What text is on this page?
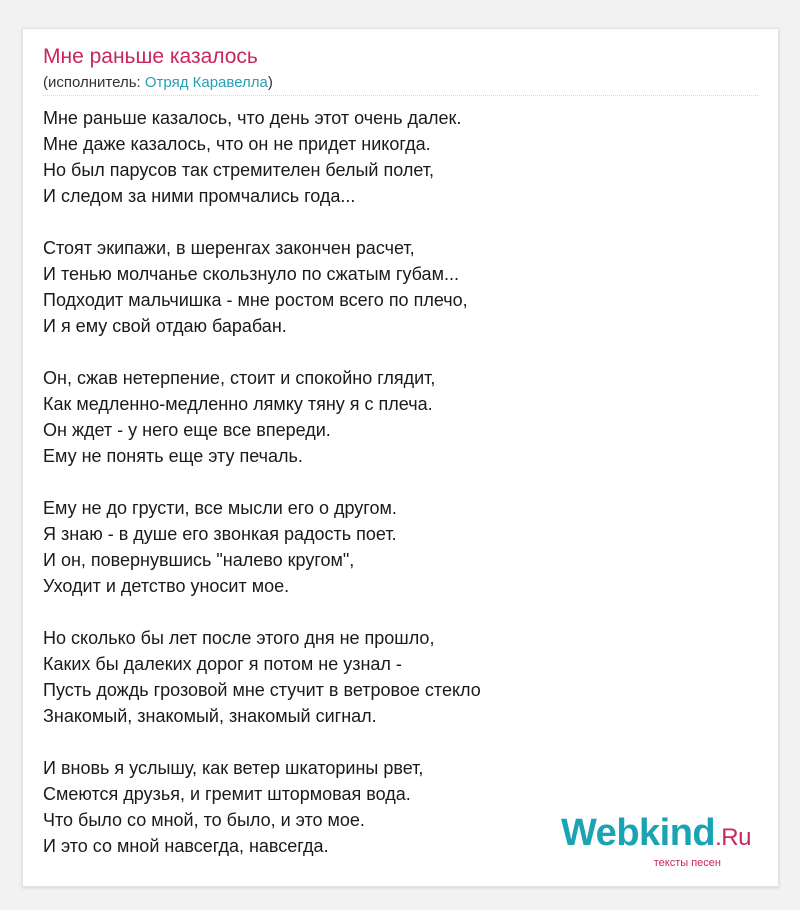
Мне раньше казалось
(исполнитель: Отряд Каравелла)
Мне раньше казалось, что день этот очень далек.
Мне даже казалось, что он не придет никогда.
Но был парусов так стремителен белый полет,
И следом за ними промчались года...
Стоят экипажи, в шеренгах закончен расчет,
И тенью молчанье скользнуло по сжатым губам...
Подходит мальчишка - мне ростом всего по плечо,
И я ему свой отдаю барабан.
Он, сжав нетерпение, стоит и спокойно глядит,
Как медленно-медленно лямку тяну я с плеча.
Он ждет - у него еще все впереди.
Ему не понять еще эту печаль.
Ему не до грусти, все мысли его о другом.
Я знаю - в душе его звонкая радость поет.
И он, повернувшись "налево кругом",
Уходит и детство уносит мое.
Но сколько бы лет после этого дня не прошло,
Каких бы далеких дорог я потом не узнал -
Пусть дождь грозовой мне стучит в ветровое стекло
Знакомый, знакомый, знакомый сигнал.
И вновь я услышу, как ветер шкаторины рвет,
Смеются друзья, и гремит штормовая вода.
Что было со мной, то было, и это мое.
И это со мной навсегда, навсегда.	Webkind.Ru
тексты песен
